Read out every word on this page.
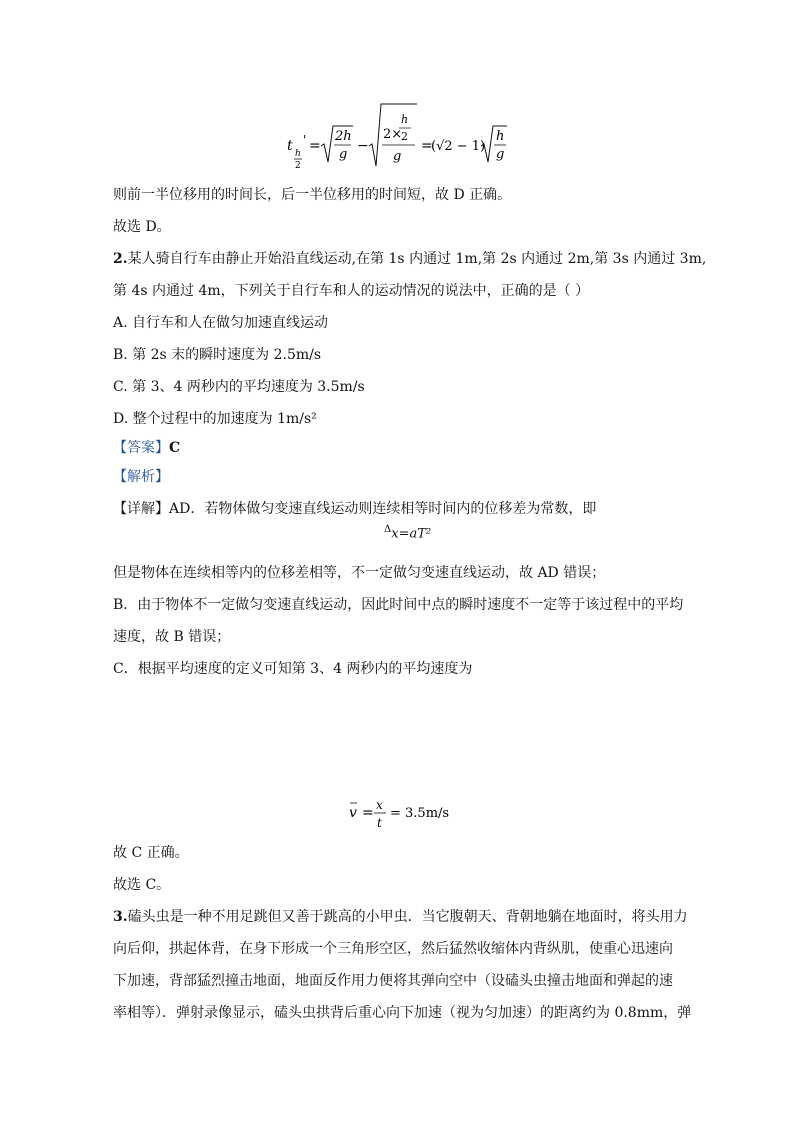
t h
2
' =
2h
g
−
2×
h
2
g
=
(√2 − 1)
h
g
则前一半位移用的时间长，后一半位移用的时间短，故 D 正确。
故选 D。
2.某人骑自行车由静止开始沿直线运动,在第 1s 内通过 1m,第 2s 内通过 2m,第 3s 内通过 3m,
第 4s 内通过 4m，下列关于自行车和人的运动情况的说法中，正确的是（ ）
A. 自行车和人在做匀加速直线运动
B. 第 2s 末的瞬时速度为 2.5m/s
C. 第 3、4 两秒内的平均速度为 3.5m/s
D. 整个过程中的加速度为 1m/s²
【答案】C
【解析】
【详解】AD．若物体做匀变速直线运动则连续相等时间内的位移差为常数，即
$^\Delta$x=aT²
但是物体在连续相等内的位移差相等，不一定做匀变速直线运动，故 AD 错误；
B．由于物体不一定做匀变速直线运动，因此时间中点的瞬时速度不一定等于该过程中的平均
速度，故 B 错误；
C．根据平均速度的定义可知第 3、4 两秒内的平均速度为
v = x
t
= 3.5m/s
故 C 正确。
故选 C。
3.磕头虫是一种不用足跳但又善于跳高的小甲虫．当它腹朝天、背朝地躺在地面时，将头用力
向后仰，拱起体背，在身下形成一个三角形空区，然后猛然收缩体内背纵肌，使重心迅速向
下加速，背部猛烈撞击地面，地面反作用力便将其弹向空中（设磕头虫撞击地面和弹起的速
率相等）．弹射录像显示，磕头虫拱背后重心向下加速（视为匀加速）的距离约为 0.8mm，弹
